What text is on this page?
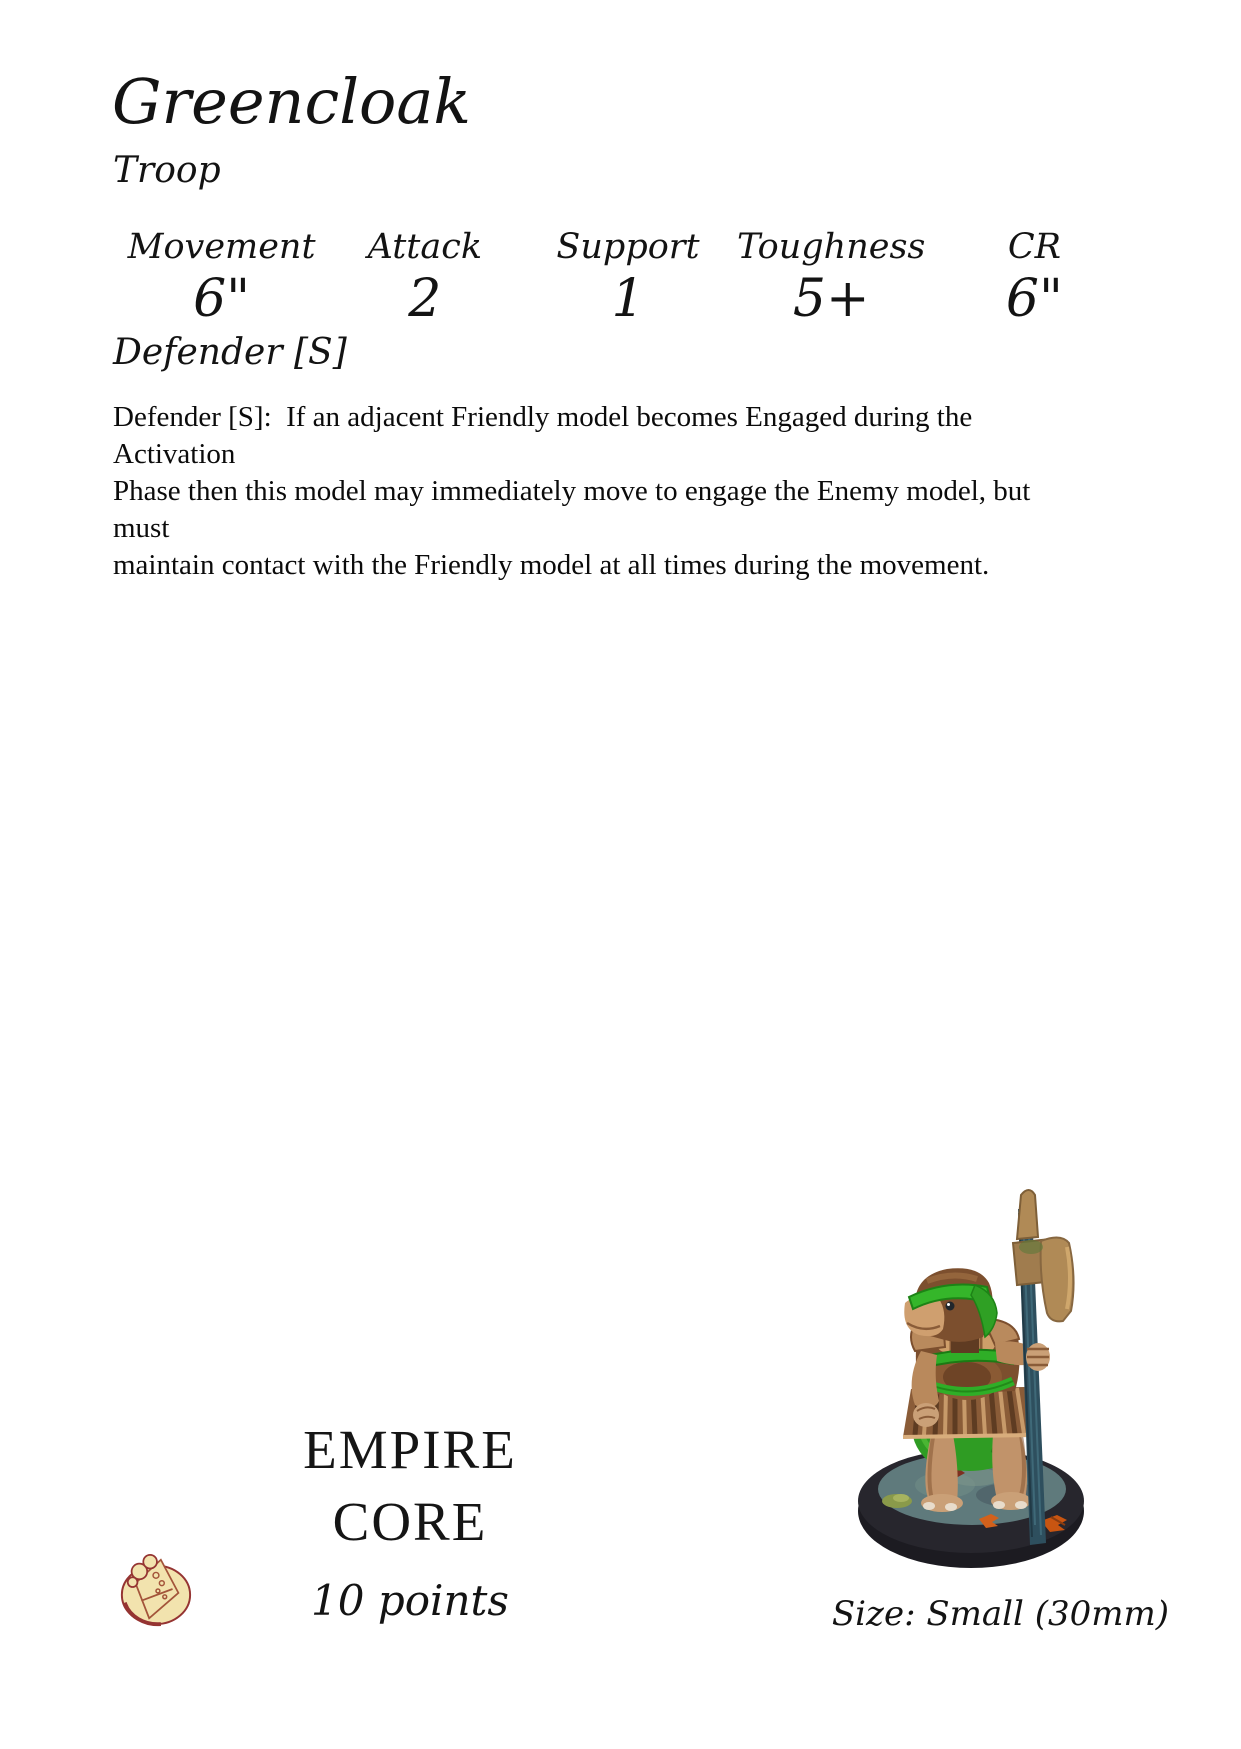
Greencloak
Troop
Movement
6"
Attack
2
Support
1
Toughness
5+
CR
6"
Defender [S]
Defender [S]:  If an adjacent Friendly model becomes Engaged during the Activation
Phase then this model may immediately move to engage the Enemy model, but must
maintain contact with the Friendly model at all times during the movement.
EMPIRE
CORE
10 points	Size: Small (30mm)
